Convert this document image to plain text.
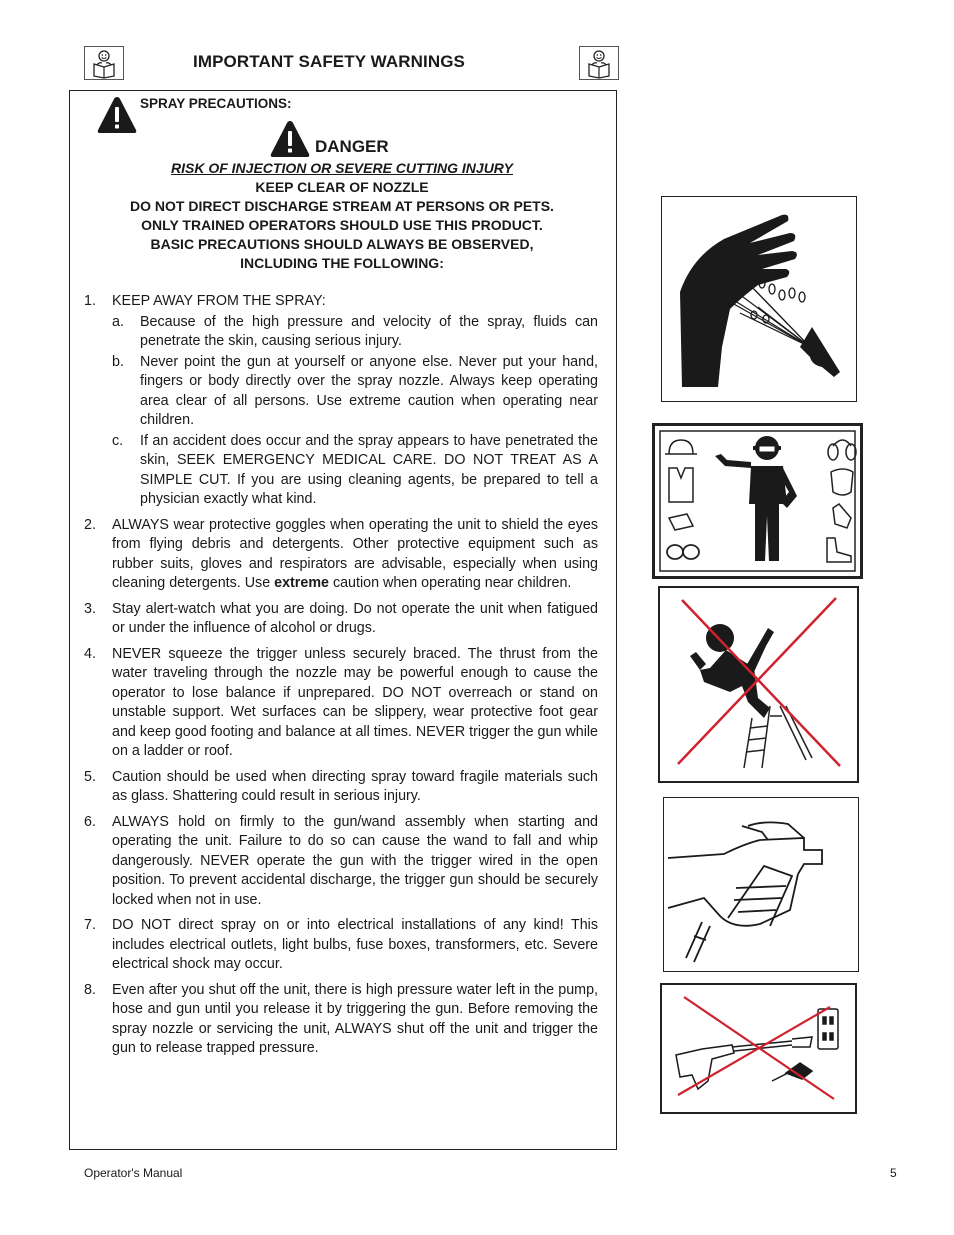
IMPORTANT SAFETY WARNINGS
SPRAY PRECAUTIONS:
DANGER
RISK OF INJECTION OR SEVERE CUTTING INJURY
KEEP CLEAR OF NOZZLE
DO NOT DIRECT DISCHARGE STREAM AT PERSONS OR PETS.
ONLY TRAINED OPERATORS SHOULD USE THIS PRODUCT.
BASIC PRECAUTIONS SHOULD ALWAYS BE OBSERVED,
INCLUDING THE FOLLOWING:
1. KEEP AWAY FROM THE SPRAY:
a. Because of the high pressure and velocity of the spray, fluids can penetrate the skin, causing serious injury.
b. Never point the gun at yourself or anyone else. Never put your hand, fingers or body directly over the spray nozzle. Always keep operating area clear of all persons. Use extreme caution when operating near children.
c. If an accident does occur and the spray appears to have penetrated the skin, SEEK EMERGENCY MEDICAL CARE. DO NOT TREAT AS A SIMPLE CUT. If you are using cleaning agents, be prepared to tell a physician exactly what kind.
2. ALWAYS wear protective goggles when operating the unit to shield the eyes from flying debris and detergents. Other protective equipment such as rubber suits, gloves and respirators are advisable, especially when using cleaning detergents. Use extreme caution when operating near children.
3. Stay alert-watch what you are doing. Do not operate the unit when fatigued or under the influence of alcohol or drugs.
4. NEVER squeeze the trigger unless securely braced. The thrust from the water traveling through the nozzle may be powerful enough to cause the operator to lose balance if unprepared. DO NOT overreach or stand on unstable support. Wet surfaces can be slippery, wear protective foot gear and keep good footing and balance at all times. NEVER trigger the gun while on a ladder or roof.
5. Caution should be used when directing spray toward fragile materials such as glass. Shattering could result in serious injury.
6. ALWAYS hold on firmly to the gun/wand assembly when starting and operating the unit. Failure to do so can cause the wand to fall and whip dangerously. NEVER operate the gun with the trigger wired in the open position. To prevent accidental discharge, the trigger gun should be securely locked when not in use.
7. DO NOT direct spray on or into electrical installations of any kind! This includes electrical outlets, light bulbs, fuse boxes, transformers, etc. Severe electrical shock may occur.
8. Even after you shut off the unit, there is high pressure water left in the pump, hose and gun until you release it by triggering the gun. Before removing the spray nozzle or servicing the unit, ALWAYS shut off the unit and trigger the gun to release trapped pressure.
Operator's Manual	5
